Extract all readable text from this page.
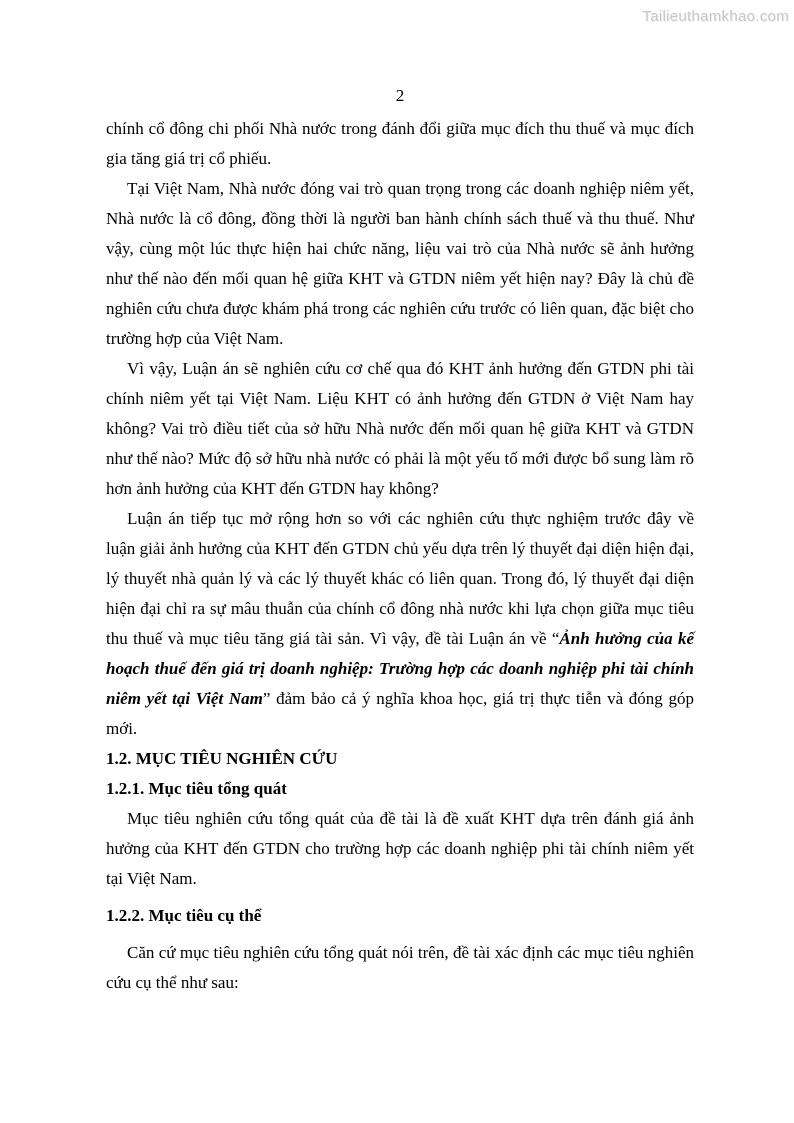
Tailieuthamkhao.com
2

chính cổ đông chi phối Nhà nước trong đánh đổi giữa mục đích thu thuế và mục đích gia tăng giá trị cổ phiếu.

Tại Việt Nam, Nhà nước đóng vai trò quan trọng trong các doanh nghiệp niêm yết, Nhà nước là cổ đông, đồng thời là người ban hành chính sách thuế và thu thuế. Như vậy, cùng một lúc thực hiện hai chức năng, liệu vai trò của Nhà nước sẽ ảnh hưởng như thế nào đến mối quan hệ giữa KHT và GTDN niêm yết hiện nay? Đây là chủ đề nghiên cứu chưa được khám phá trong các nghiên cứu trước có liên quan, đặc biệt cho trường hợp của Việt Nam.

Vì vậy, Luận án sẽ nghiên cứu cơ chế qua đó KHT ảnh hưởng đến GTDN phi tài chính niêm yết tại Việt Nam. Liệu KHT có ảnh hưởng đến GTDN ở Việt Nam hay không? Vai trò điều tiết của sở hữu Nhà nước đến mối quan hệ giữa KHT và GTDN như thế nào? Mức độ sở hữu nhà nước có phải là một yếu tố mới được bổ sung làm rõ hơn ảnh hưởng của KHT đến GTDN hay không?

Luận án tiếp tục mở rộng hơn so với các nghiên cứu thực nghiệm trước đây về luận giải ảnh hưởng của KHT đến GTDN chủ yếu dựa trên lý thuyết đại diện hiện đại, lý thuyết nhà quản lý và các lý thuyết khác có liên quan. Trong đó, lý thuyết đại diện hiện đại chỉ ra sự mâu thuẫn của chính cổ đông nhà nước khi lựa chọn giữa mục tiêu thu thuế và mục tiêu tăng giá tài sản. Vì vậy, đề tài Luận án về “Ảnh hưởng của kế hoạch thuế đến giá trị doanh nghiệp: Trường hợp các doanh nghiệp phi tài chính niêm yết tại Việt Nam” đảm bảo cả ý nghĩa khoa học, giá trị thực tiễn và đóng góp mới.

1.2. MỤC TIÊU NGHIÊN CỨU
1.2.1. Mục tiêu tổng quát

Mục tiêu nghiên cứu tổng quát của đề tài là đề xuất KHT dựa trên đánh giá ảnh hưởng của KHT đến GTDN cho trường hợp các doanh nghiệp phi tài chính niêm yết tại Việt Nam.

1.2.2. Mục tiêu cụ thể

Căn cứ mục tiêu nghiên cứu tổng quát nói trên, đề tài xác định các mục tiêu nghiên cứu cụ thể như sau:
